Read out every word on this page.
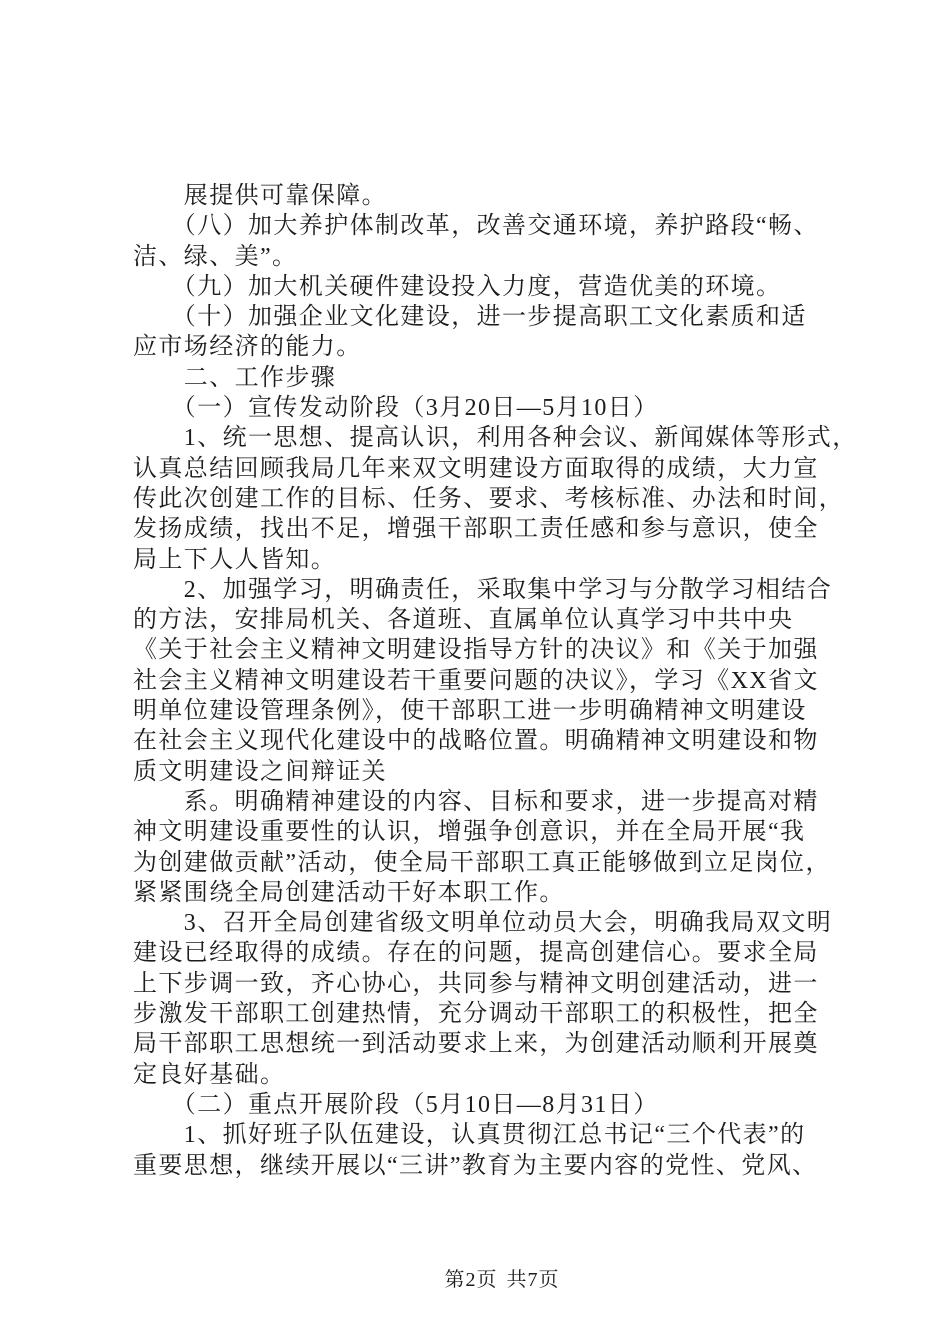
　　展提供可靠保障。
　　（八）加大养护体制改革，改善交通环境，养护路段“畅、
洁、绿、美”。
　　（九）加大机关硬件建设投入力度，营造优美的环境。
　　（十）加强企业文化建设，进一步提高职工文化素质和适
应市场经济的能力。
　　二、工作步骤
　　（一）宣传发动阶段（3月20日—5月10日）
　　1、统一思想、提高认识，利用各种会议、新闻媒体等形式，
认真总结回顾我局几年来双文明建设方面取得的成绩，大力宣
传此次创建工作的目标、任务、要求、考核标准、办法和时间，
发扬成绩，找出不足，增强干部职工责任感和参与意识，使全
局上下人人皆知。
　　2、加强学习，明确责任，采取集中学习与分散学习相结合
的方法，安排局机关、各道班、直属单位认真学习中共中央
《关于社会主义精神文明建设指导方针的决议》和《关于加强
社会主义精神文明建设若干重要问题的决议》，学习《XX省文
明单位建设管理条例》，使干部职工进一步明确精神文明建设
在社会主义现代化建设中的战略位置。明确精神文明建设和物
质文明建设之间辩证关
　　系。明确精神建设的内容、目标和要求，进一步提高对精
神文明建设重要性的认识，增强争创意识，并在全局开展“我
为创建做贡献”活动，使全局干部职工真正能够做到立足岗位，
紧紧围绕全局创建活动干好本职工作。
　　3、召开全局创建省级文明单位动员大会，明确我局双文明
建设已经取得的成绩。存在的问题，提高创建信心。要求全局
上下步调一致，齐心协心，共同参与精神文明创建活动，进一
步激发干部职工创建热情，充分调动干部职工的积极性，把全
局干部职工思想统一到活动要求上来，为创建活动顺利开展奠
定良好基础。
　　（二）重点开展阶段（5月10日—8月31日）
　　1、抓好班子队伍建设，认真贯彻江总书记“三个代表”的
重要思想，继续开展以“三讲”教育为主要内容的党性、党风、

第2页 共7页
